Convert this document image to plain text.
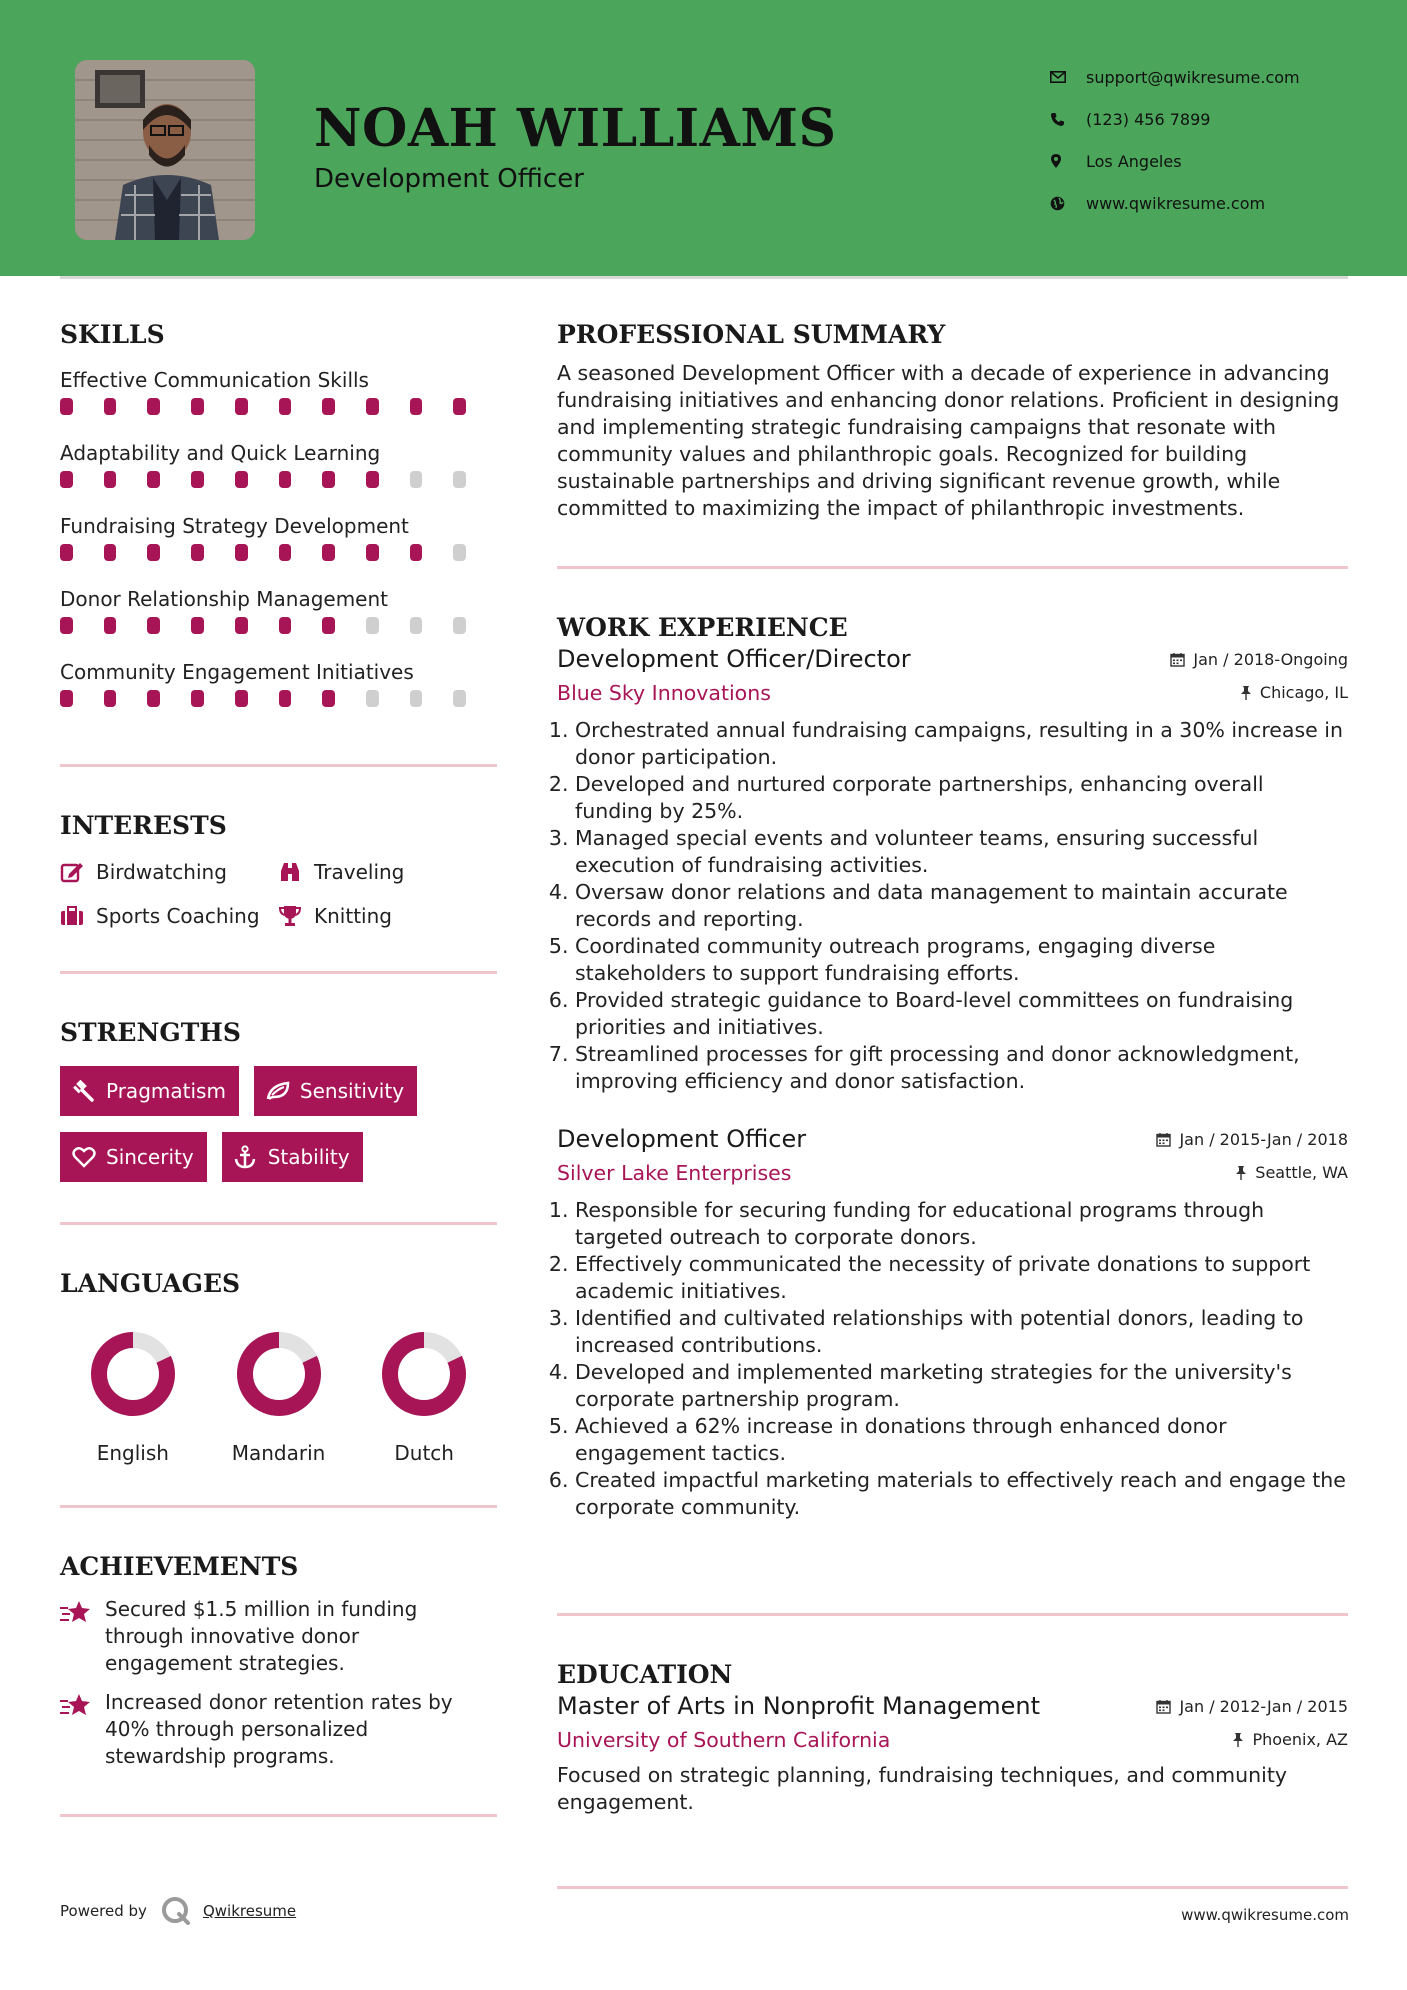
NOAH WILLIAMS
Development Officer
support@qwikresume.com
(123) 456 7899
Los Angeles
www.qwikresume.com
SKILLS
Effective Communication Skills
Adaptability and Quick Learning
Fundraising Strategy Development
Donor Relationship Management
Community Engagement Initiatives
INTERESTS
Birdwatching	Traveling
Sports Coaching	Knitting
STRENGTHS
Pragmatism	Sensitivity
Sincerity	Stability
LANGUAGES
English	Mandarin	Dutch
ACHIEVEMENTS
Secured $1.5 million in funding through innovative donor engagement strategies.
Increased donor retention rates by 40% through personalized stewardship programs.
PROFESSIONAL SUMMARY
A seasoned Development Officer with a decade of experience in advancing fundraising initiatives and enhancing donor relations. Proficient in designing and implementing strategic fundraising campaigns that resonate with community values and philanthropic goals. Recognized for building sustainable partnerships and driving significant revenue growth, while committed to maximizing the impact of philanthropic investments.
WORK EXPERIENCE
Development Officer/Director	Jan / 2018-Ongoing
Blue Sky Innovations	Chicago, IL
1. Orchestrated annual fundraising campaigns, resulting in a 30% increase in donor participation.
2. Developed and nurtured corporate partnerships, enhancing overall funding by 25%.
3. Managed special events and volunteer teams, ensuring successful execution of fundraising activities.
4. Oversaw donor relations and data management to maintain accurate records and reporting.
5. Coordinated community outreach programs, engaging diverse stakeholders to support fundraising efforts.
6. Provided strategic guidance to Board-level committees on fundraising priorities and initiatives.
7. Streamlined processes for gift processing and donor acknowledgment, improving efficiency and donor satisfaction.
Development Officer	Jan / 2015-Jan / 2018
Silver Lake Enterprises	Seattle, WA
1. Responsible for securing funding for educational programs through targeted outreach to corporate donors.
2. Effectively communicated the necessity of private donations to support academic initiatives.
3. Identified and cultivated relationships with potential donors, leading to increased contributions.
4. Developed and implemented marketing strategies for the university's corporate partnership program.
5. Achieved a 62% increase in donations through enhanced donor engagement tactics.
6. Created impactful marketing materials to effectively reach and engage the corporate community.
EDUCATION
Master of Arts in Nonprofit Management	Jan / 2012-Jan / 2015
University of Southern California	Phoenix, AZ
Focused on strategic planning, fundraising techniques, and community engagement.
Powered by	Qwikresume	www.qwikresume.com
